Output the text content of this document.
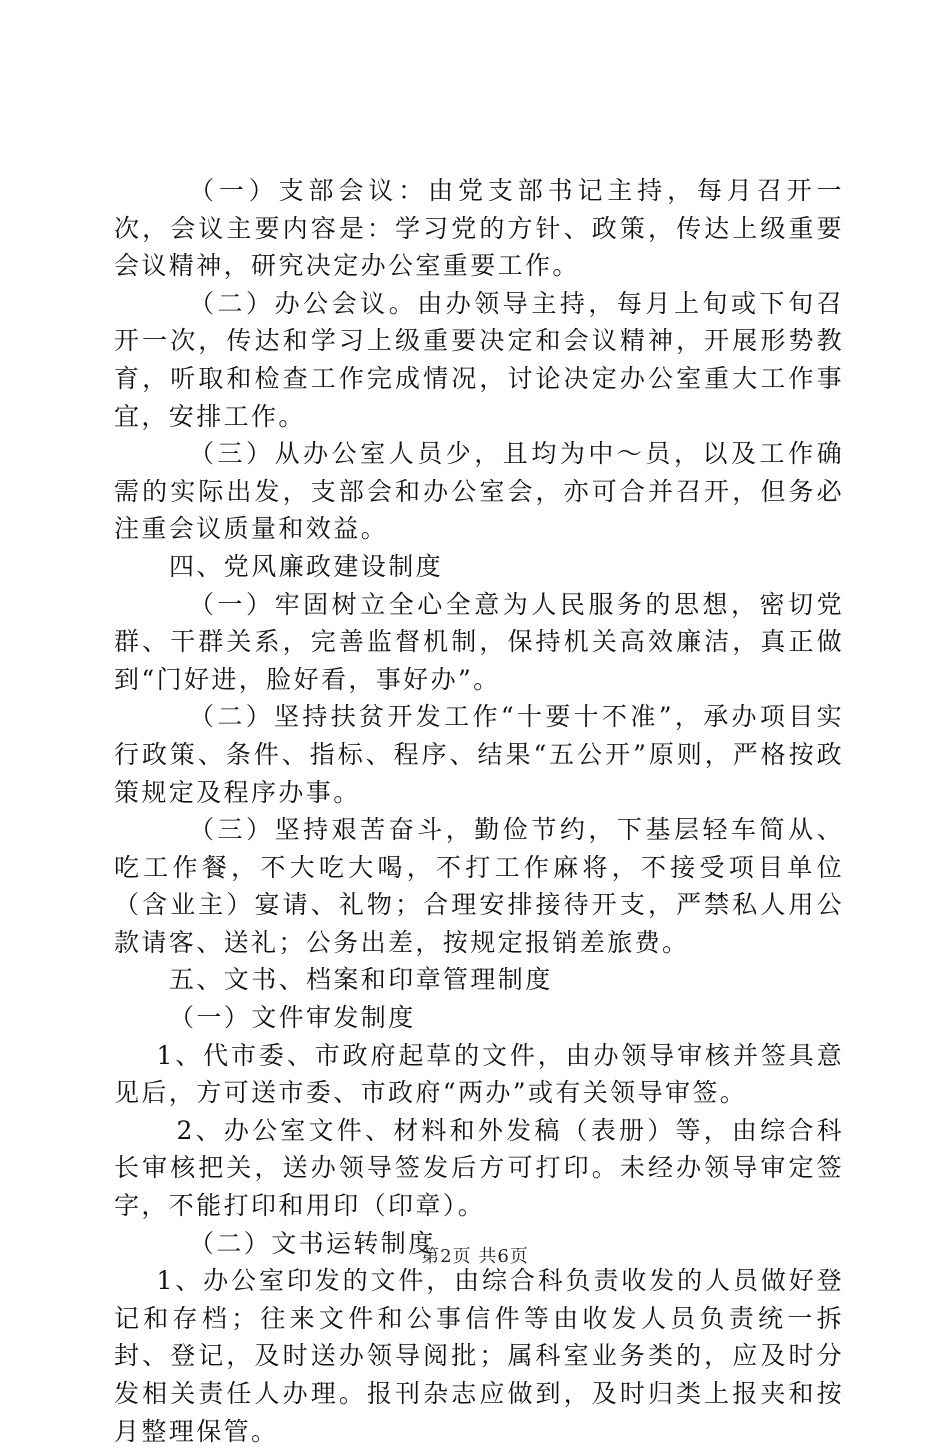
（一）支部会议：由党支部书记主持，每月召开一次，会议主要内容是：学习党的方针、政策，传达上级重要会议精神，研究决定办公室重要工作。

（二）办公会议。由办领导主持，每月上旬或下旬召开一次，传达和学习上级重要决定和会议精神，开展形势教育，听取和检查工作完成情况，讨论决定办公室重大工作事宜，安排工作。

（三）从办公室人员少，且均为中～员，以及工作确需的实际出发，支部会和办公室会，亦可合并召开，但务必注重会议质量和效益。

四、党风廉政建设制度

（一）牢固树立全心全意为人民服务的思想，密切党群、干群关系，完善监督机制，保持机关高效廉洁，真正做到“门好进，脸好看，事好办”。

（二）坚持扶贫开发工作“十要十不准”，承办项目实行政策、条件、指标、程序、结果“五公开”原则，严格按政策规定及程序办事。

（三）坚持艰苦奋斗，勤俭节约，下基层轻车简从、吃工作餐，不大吃大喝，不打工作麻将，不接受项目单位（含业主）宴请、礼物；合理安排接待开支，严禁私人用公款请客、送礼；公务出差，按规定报销差旅费。

五、文书、档案和印章管理制度

（一）文件审发制度

1、代市委、市政府起草的文件，由办领导审核并签具意见后，方可送市委、市政府“两办”或有关领导审签。

2、办公室文件、材料和外发稿（表册）等，由综合科长审核把关，送办领导签发后方可打印。未经办领导审定签字，不能打印和用印（印章）。

（二）文书运转制度

1、办公室印发的文件，由综合科负责收发的人员做好登记和存档；往来文件和公事信件等由收发人员负责统一拆封、登记，及时送办领导阅批；属科室业务类的，应及时分发相关责任人办理。报刊杂志应做到，及时归类上报夹和按月整理保管。

第2页 共6页
